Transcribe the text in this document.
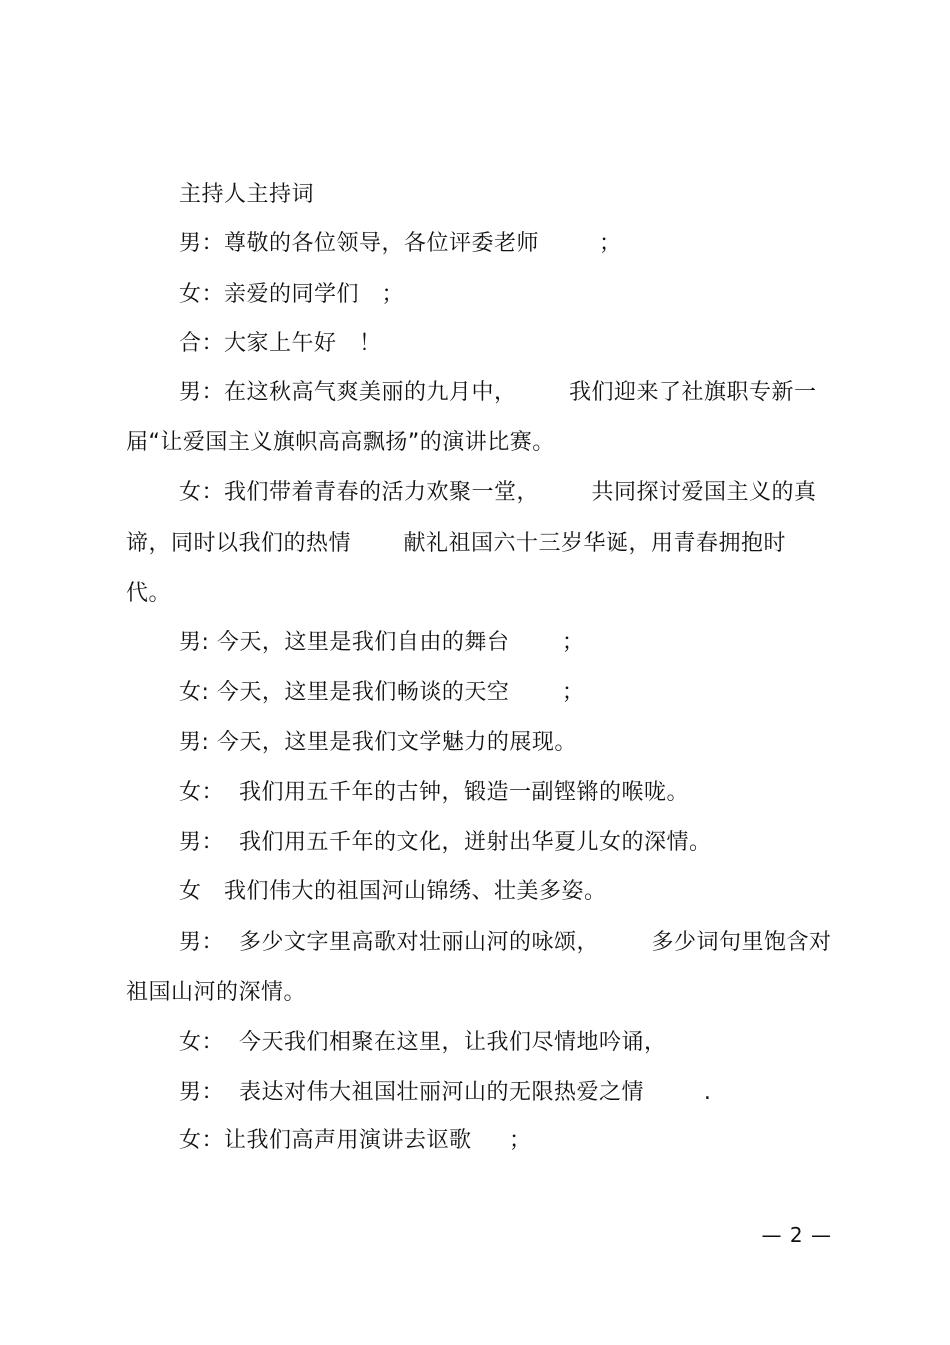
主持人主持词
男：尊敬的各位领导，各位评委老师        ；
女：亲爱的同学们   ；
合：大家上午好   ！
男：在这秋高气爽美丽的九月中，       我们迎来了社旗职专新一
届“让爱国主义旗帜高高飘扬”的演讲比赛。
女：我们带着青春的活力欢聚一堂，       共同探讨爱国主义的真
谛，同时以我们的热情       献礼祖国六十三岁华诞，用青春拥抱时
代。
男: 今天，这里是我们自由的舞台       ；
女: 今天，这里是我们畅谈的天空       ；
男: 今天，这里是我们文学魅力的展现。
女：  我们用五千年的古钟，锻造一副铿锵的喉咙。
男：  我们用五千年的文化，迸射出华夏儿女的深情。
女   我们伟大的祖国河山锦绣、壮美多姿。
男：  多少文字里高歌对壮丽山河的咏颂，       多少词句里饱含对
祖国山河的深情。
女：  今天我们相聚在这里，让我们尽情地吟诵，
男：  表达对伟大祖国壮丽河山的无限热爱之情        .
女：让我们高声用演讲去讴歌     ；
— 2 —
